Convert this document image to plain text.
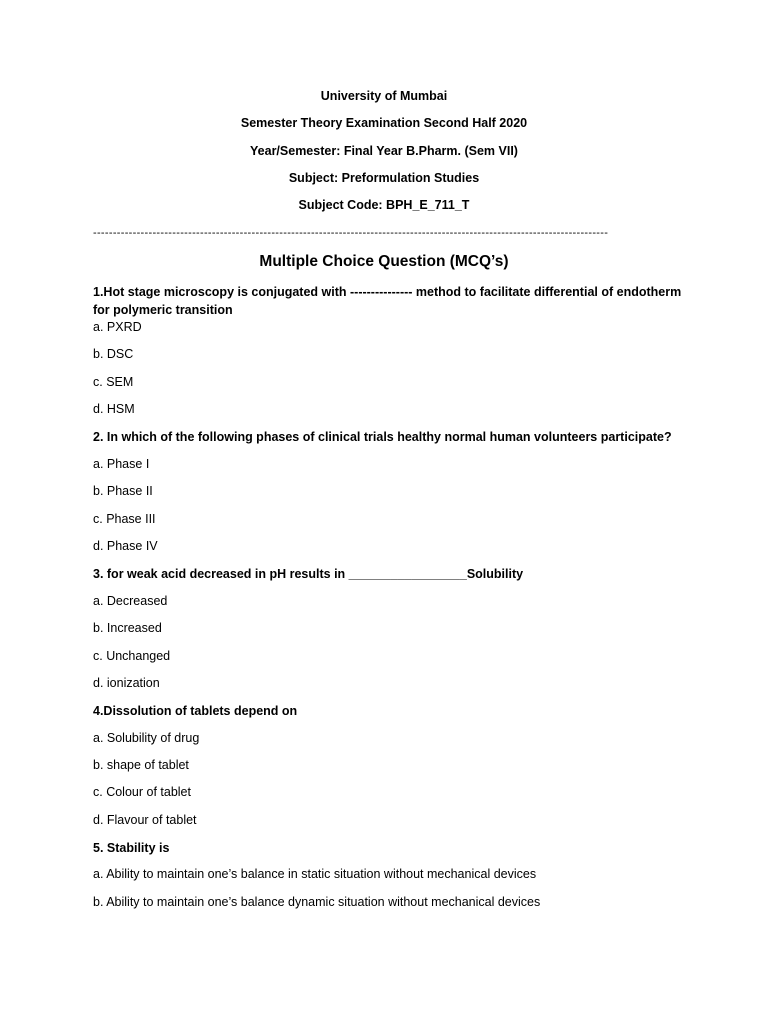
University of Mumbai
Semester Theory Examination Second Half 2020
Year/Semester: Final Year B.Pharm. (Sem VII)
Subject: Preformulation Studies
Subject Code: BPH_E_711_T
----------------------------------------------------------------------------------------------------------------------------------
Multiple Choice Question (MCQ’s)
1.Hot stage microscopy is conjugated with --------------- method to facilitate differential of endotherm for polymeric transition
a. PXRD
b. DSC
c. SEM
d. HSM
2. In which of the following phases of clinical trials healthy normal human volunteers participate?
a. Phase I
b. Phase II
c. Phase III
d. Phase IV
3. for weak acid decreased in pH results in _________________Solubility
a. Decreased
b. Increased
c. Unchanged
d. ionization
4.Dissolution of tablets depend on
a. Solubility of drug
b. shape of tablet
c. Colour of tablet
d. Flavour of tablet
5. Stability is
a. Ability to maintain one’s balance in static situation without mechanical devices
b. Ability to maintain one’s balance dynamic situation without mechanical devices
